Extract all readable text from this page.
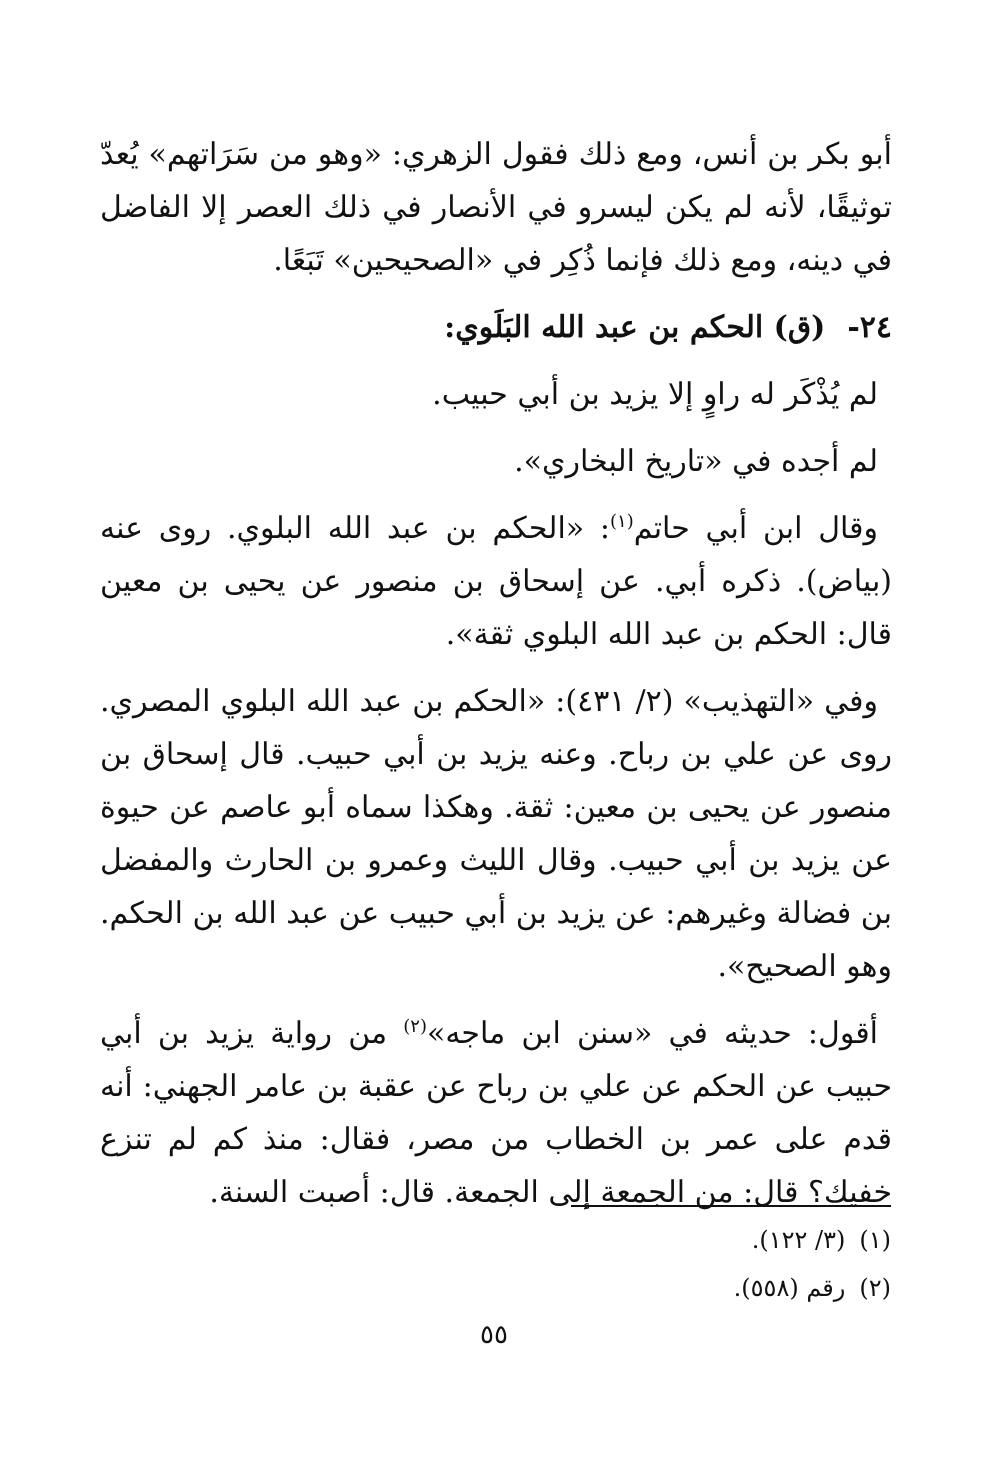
أبو بكر بن أنس، ومع ذلك فقول الزهري: «وهو من سَرَاتهم» يُعدّ توثيقًا، لأنه لم يكن ليسرو في الأنصار في ذلك العصر إلا الفاضل في دينه، ومع ذلك فإنما ذُكِر في «الصحيحين» تَبَعًا.

٢٤-(ق) الحكم بن عبد الله البَلَوي:

لم يُذْكَر له راوٍ إلا يزيد بن أبي حبيب.

لم أجده في «تاريخ البخاري».

وقال ابن أبي حاتم$^{(١)}$: «الحكم بن عبد الله البلوي. روى عنه (بياض). ذكره أبي. عن إسحاق بن منصور عن يحيى بن معين قال: الحكم بن عبد الله البلوي ثقة».

وفي «التهذيب» (٢/ ٤٣١): «الحكم بن عبد الله البلوي المصري. روى عن علي بن رباح. وعنه يزيد بن أبي حبيب. قال إسحاق بن منصور عن يحيى بن معين: ثقة. وهكذا سماه أبو عاصم عن حيوة عن يزيد بن أبي حبيب. وقال الليث وعمرو بن الحارث والمفضل بن فضالة وغيرهم: عن يزيد بن أبي حبيب عن عبد الله بن الحكم. وهو الصحيح».

أقول: حديثه في «سنن ابن ماجه»$^{(٢)}$ من رواية يزيد بن أبي حبيب عن الحكم عن علي بن رباح عن عقبة بن عامر الجهني: أنه قدم على عمر بن الخطاب من مصر، فقال: منذ كم لم تنزع خفيك؟ قال: من الجمعة إلى الجمعة. قال: أصبت السنة.

(١)(٣/ ١٢٢).
(٢)رقم (٥٥٨).
٥٥
